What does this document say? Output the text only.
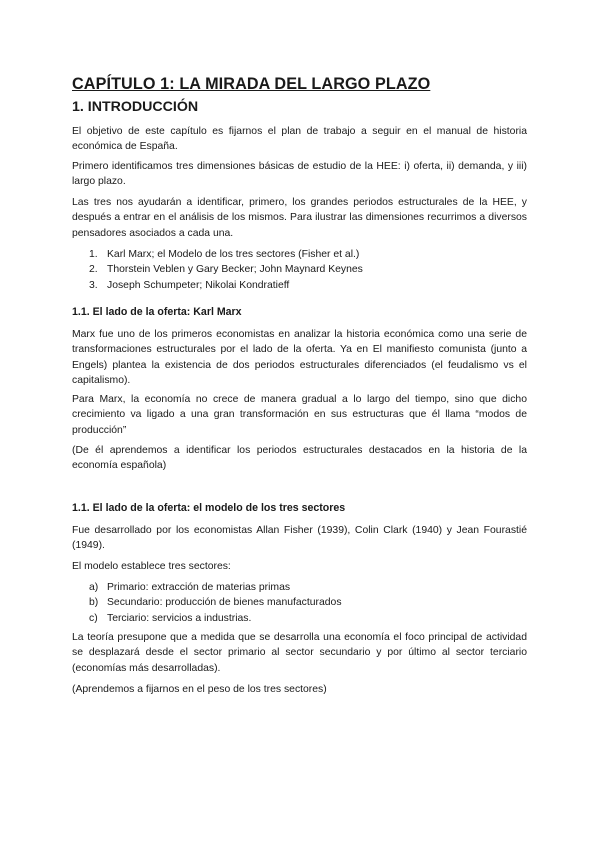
CAPÍTULO 1: LA MIRADA DEL LARGO PLAZO
1. INTRODUCCIÓN

El objetivo de este capítulo es fijarnos el plan de trabajo a seguir en el manual de historia económica de España.

Primero identificamos tres dimensiones básicas de estudio de la HEE: i) oferta, ii) demanda, y iii) largo plazo.

Las tres nos ayudarán a identificar, primero, los grandes periodos estructurales de la HEE, y después a entrar en el análisis de los mismos. Para ilustrar las dimensiones recurrimos a diversos pensadores asociados a cada una.

1. Karl Marx; el Modelo de los tres sectores (Fisher et al.)
2. Thorstein Veblen y Gary Becker; John Maynard Keynes
3. Joseph Schumpeter; Nikolai Kondratieff
1.1. El lado de la oferta: Karl Marx

Marx fue uno de los primeros economistas en analizar la historia económica como una serie de transformaciones estructurales por el lado de la oferta. Ya en El manifiesto comunista (junto a Engels) plantea la existencia de dos periodos estructurales diferenciados (el feudalismo vs el capitalismo).

Para Marx, la economía no crece de manera gradual a lo largo del tiempo, sino que dicho crecimiento va ligado a una gran transformación en sus estructuras que él llama “modos de producción”

(De él aprendemos a identificar los periodos estructurales destacados en la historia de la economía española)

1.1. El lado de la oferta: el modelo de los tres sectores

Fue desarrollado por los economistas Allan Fisher (1939), Colin Clark (1940) y Jean Fourastié (1949).

El modelo establece tres sectores:

a) Primario: extracción de materias primas
b) Secundario: producción de bienes manufacturados
c) Terciario: servicios a industrias.

La teoría presupone que a medida que se desarrolla una economía el foco principal de actividad se desplazará desde el sector primario al sector secundario y por último al sector terciario (economías más desarrolladas).

(Aprendemos a fijarnos en el peso de los tres sectores)
